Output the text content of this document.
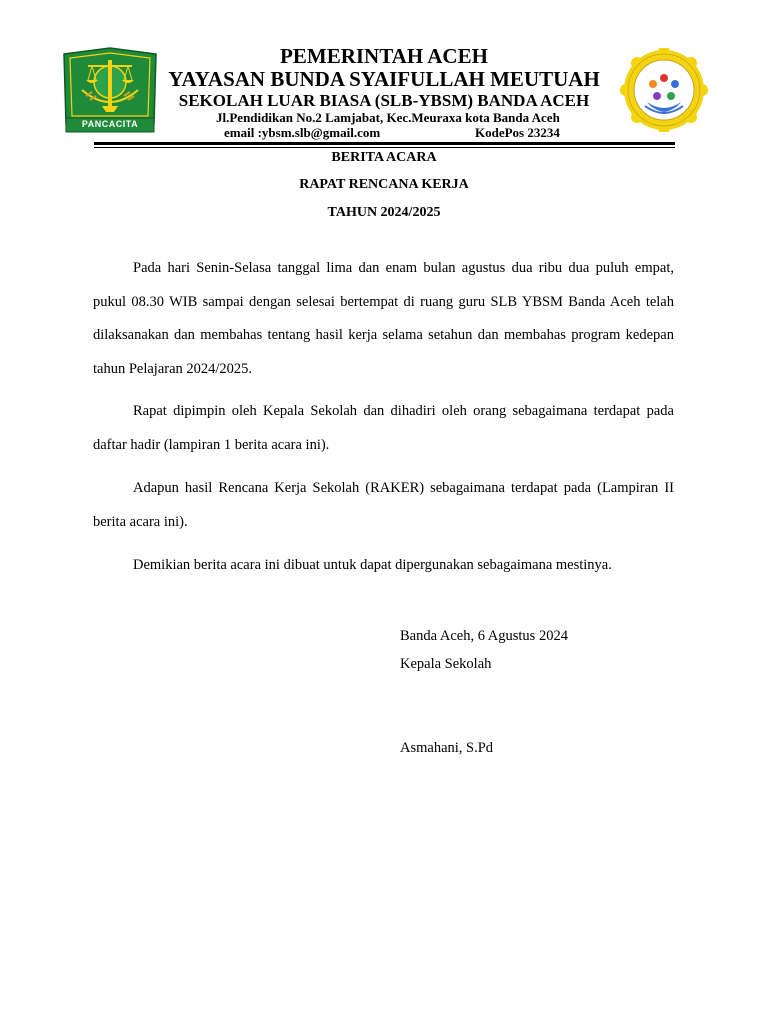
PANCACITA
PEMERINTAH ACEH
YAYASAN BUNDA SYAIFULLAH MEUTUAH
SEKOLAH LUAR BIASA (SLB-YBSM) BANDA ACEH
Jl.Pendidikan No.2 Lamjabat, Kec.Meuraxa kota Banda Aceh
email :ybsm.slb@gmail.com	KodePos 23234
BERITA ACARA
RAPAT RENCANA KERJA
TAHUN 2024/2025
Pada hari Senin-Selasa tanggal lima dan enam bulan agustus dua ribu dua puluh empat, pukul 08.30 WIB sampai dengan selesai bertempat di ruang guru SLB YBSM Banda Aceh telah dilaksanakan dan membahas tentang hasil kerja selama setahun dan membahas program kedepan tahun Pelajaran 2024/2025.
Rapat dipimpin oleh Kepala Sekolah dan dihadiri oleh orang sebagaimana terdapat pada daftar hadir (lampiran 1 berita acara ini).
Adapun hasil Rencana Kerja Sekolah (RAKER) sebagaimana terdapat pada (Lampiran II berita acara ini).
Demikian berita acara ini dibuat untuk dapat dipergunakan sebagaimana mestinya.
Banda Aceh, 6 Agustus 2024
Kepala Sekolah
Asmahani, S.Pd
